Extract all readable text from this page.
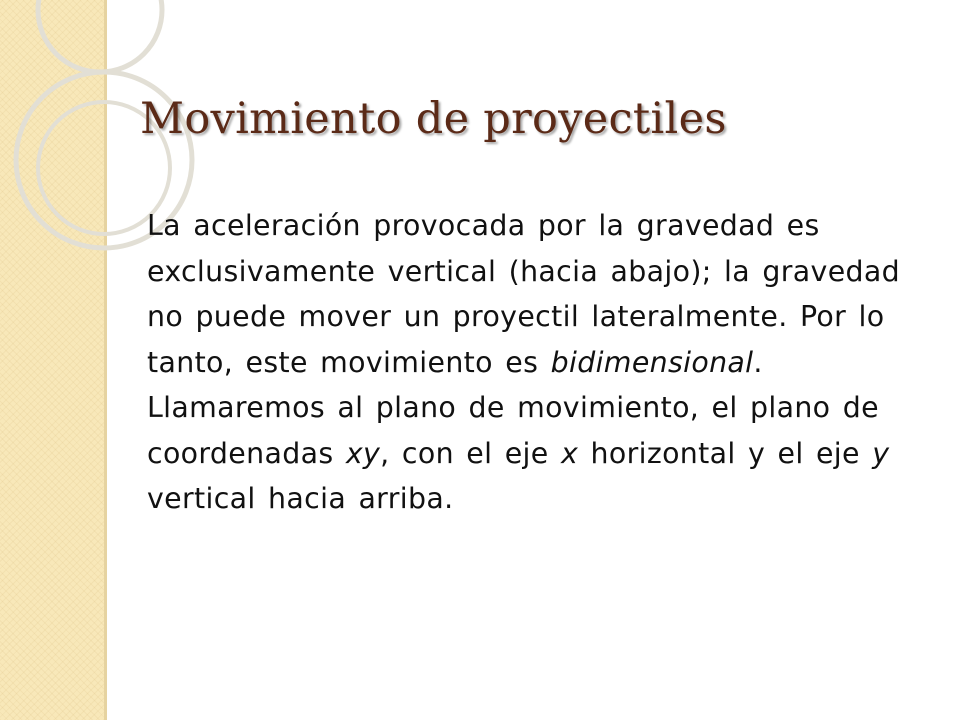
Movimiento de proyectiles

La aceleración provocada por la gravedad es exclusivamente vertical (hacia abajo); la gravedad no puede mover un proyectil lateralmente. Por lo tanto, este movimiento es bidimensional. Llamaremos al plano de movimiento, el plano de coordenadas xy, con el eje x horizontal y el eje y vertical hacia arriba.
